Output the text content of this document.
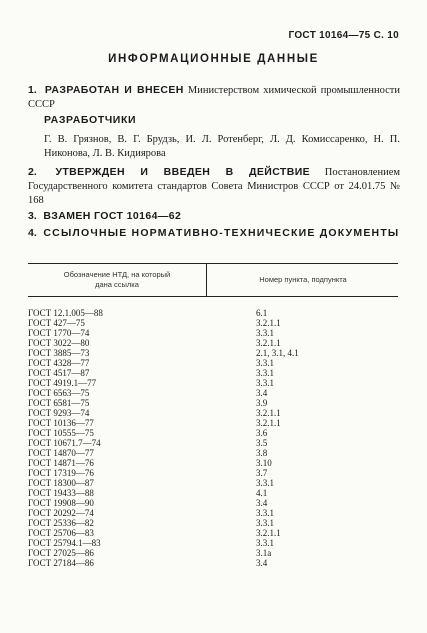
ГОСТ 10164—75 С. 10
ИНФОРМАЦИОННЫЕ ДАННЫЕ
1. РАЗРАБОТАН И ВНЕСЕН Министерством химической промышленности СССР
РАЗРАБОТЧИКИ
Г. В. Грязнов, В. Г. Брудзь, И. Л. Ротенберг, Л. Д. Комиссаренко, Н. П. Никонова, Л. В. Кидиярова
2. УТВЕРЖДЕН И ВВЕДЕН В ДЕЙСТВИЕ Постановлением Государственного комитета стандартов Совета Министров СССР от 24.01.75 № 168
3. ВЗАМЕН ГОСТ 10164—62
4. ССЫЛОЧНЫЕ НОРМАТИВНО-ТЕХНИЧЕСКИЕ ДОКУМЕНТЫ
Обозначение НТД, на который
дана ссылка
Номер пункта, подпункта
ГОСТ 12.1.005—88	6.1
ГОСТ 427—75	3.2.1.1
ГОСТ 1770—74	3.3.1
ГОСТ 3022—80	3.2.1.1
ГОСТ 3885—73	2.1, 3.1, 4.1
ГОСТ 4328—77	3.3.1
ГОСТ 4517—87	3.3.1
ГОСТ 4919.1—77	3.3.1
ГОСТ 6563—75	3.4
ГОСТ 6581—75	3.9
ГОСТ 9293—74	3.2.1.1
ГОСТ 10136—77	3.2.1.1
ГОСТ 10555—75	3.6
ГОСТ 10671.7—74	3.5
ГОСТ 14870—77	3.8
ГОСТ 14871—76	3.10
ГОСТ 17319—76	3.7
ГОСТ 18300—87	3.3.1
ГОСТ 19433—88	4.1
ГОСТ 19908—90	3.4
ГОСТ 20292—74	3.3.1
ГОСТ 25336—82	3.3.1
ГОСТ 25706—83	3.2.1.1
ГОСТ 25794.1—83	3.3.1
ГОСТ 27025—86	3.1а
ГОСТ 27184—86	3.4
